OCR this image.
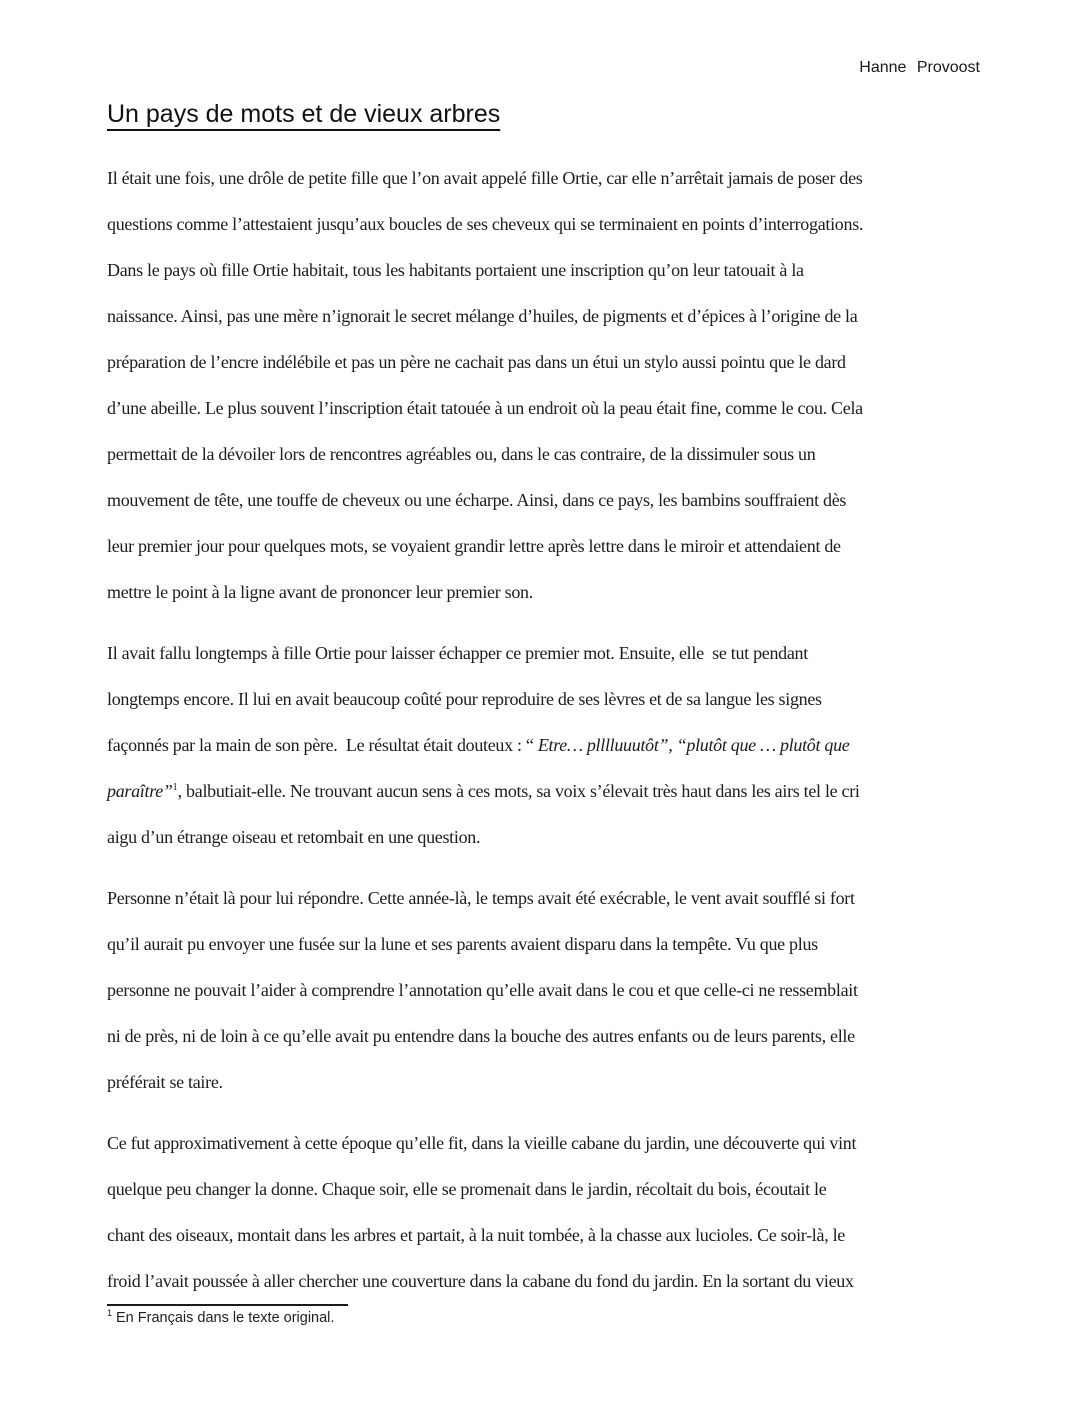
Hanne Provoost
Un pays de mots et de vieux arbres
Il était une fois, une drôle de petite fille que l’on avait appelé fille Ortie, car elle n’arrêtait jamais de poser des
questions comme l’attestaient jusqu’aux boucles de ses cheveux qui se terminaient en points d’interrogations.
Dans le pays où fille Ortie habitait, tous les habitants portaient une inscription qu’on leur tatouait à la
naissance. Ainsi, pas une mère n’ignorait le secret mélange d’huiles, de pigments et d’épices à l’origine de la
préparation de l’encre indélébile et pas un père ne cachait pas dans un étui un stylo aussi pointu que le dard
d’une abeille. Le plus souvent l’inscription était tatouée à un endroit où la peau était fine, comme le cou. Cela
permettait de la dévoiler lors de rencontres agréables ou, dans le cas contraire, de la dissimuler sous un
mouvement de tête, une touffe de cheveux ou une écharpe. Ainsi, dans ce pays, les bambins souffraient dès
leur premier jour pour quelques mots, se voyaient grandir lettre après lettre dans le miroir et attendaient de
mettre le point à la ligne avant de prononcer leur premier son.
Il avait fallu longtemps à fille Ortie pour laisser échapper ce premier mot. Ensuite, elle  se tut pendant
longtemps encore. Il lui en avait beaucoup coûté pour reproduire de ses lèvres et de sa langue les signes
façonnés par la main de son père.  Le résultat était douteux : “ Etre… plllluuutôt”, “plutôt que … plutôt que
paraître”$^1$, balbutiait-elle. Ne trouvant aucun sens à ces mots, sa voix s’élevait très haut dans les airs tel le cri
aigu d’un étrange oiseau et retombait en une question.
Personne n’était là pour lui répondre. Cette année-là, le temps avait été exécrable, le vent avait soufflé si fort
qu’il aurait pu envoyer une fusée sur la lune et ses parents avaient disparu dans la tempête. Vu que plus
personne ne pouvait l’aider à comprendre l’annotation qu’elle avait dans le cou et que celle-ci ne ressemblait
ni de près, ni de loin à ce qu’elle avait pu entendre dans la bouche des autres enfants ou de leurs parents, elle
préférait se taire.
Ce fut approximativement à cette époque qu’elle fit, dans la vieille cabane du jardin, une découverte qui vint
quelque peu changer la donne. Chaque soir, elle se promenait dans le jardin, récoltait du bois, écoutait le
chant des oiseaux, montait dans les arbres et partait, à la nuit tombée, à la chasse aux lucioles. Ce soir-là, le
froid l’avait poussée à aller chercher une couverture dans la cabane du fond du jardin. En la sortant du vieux
$^1$ En Français dans le texte original.
